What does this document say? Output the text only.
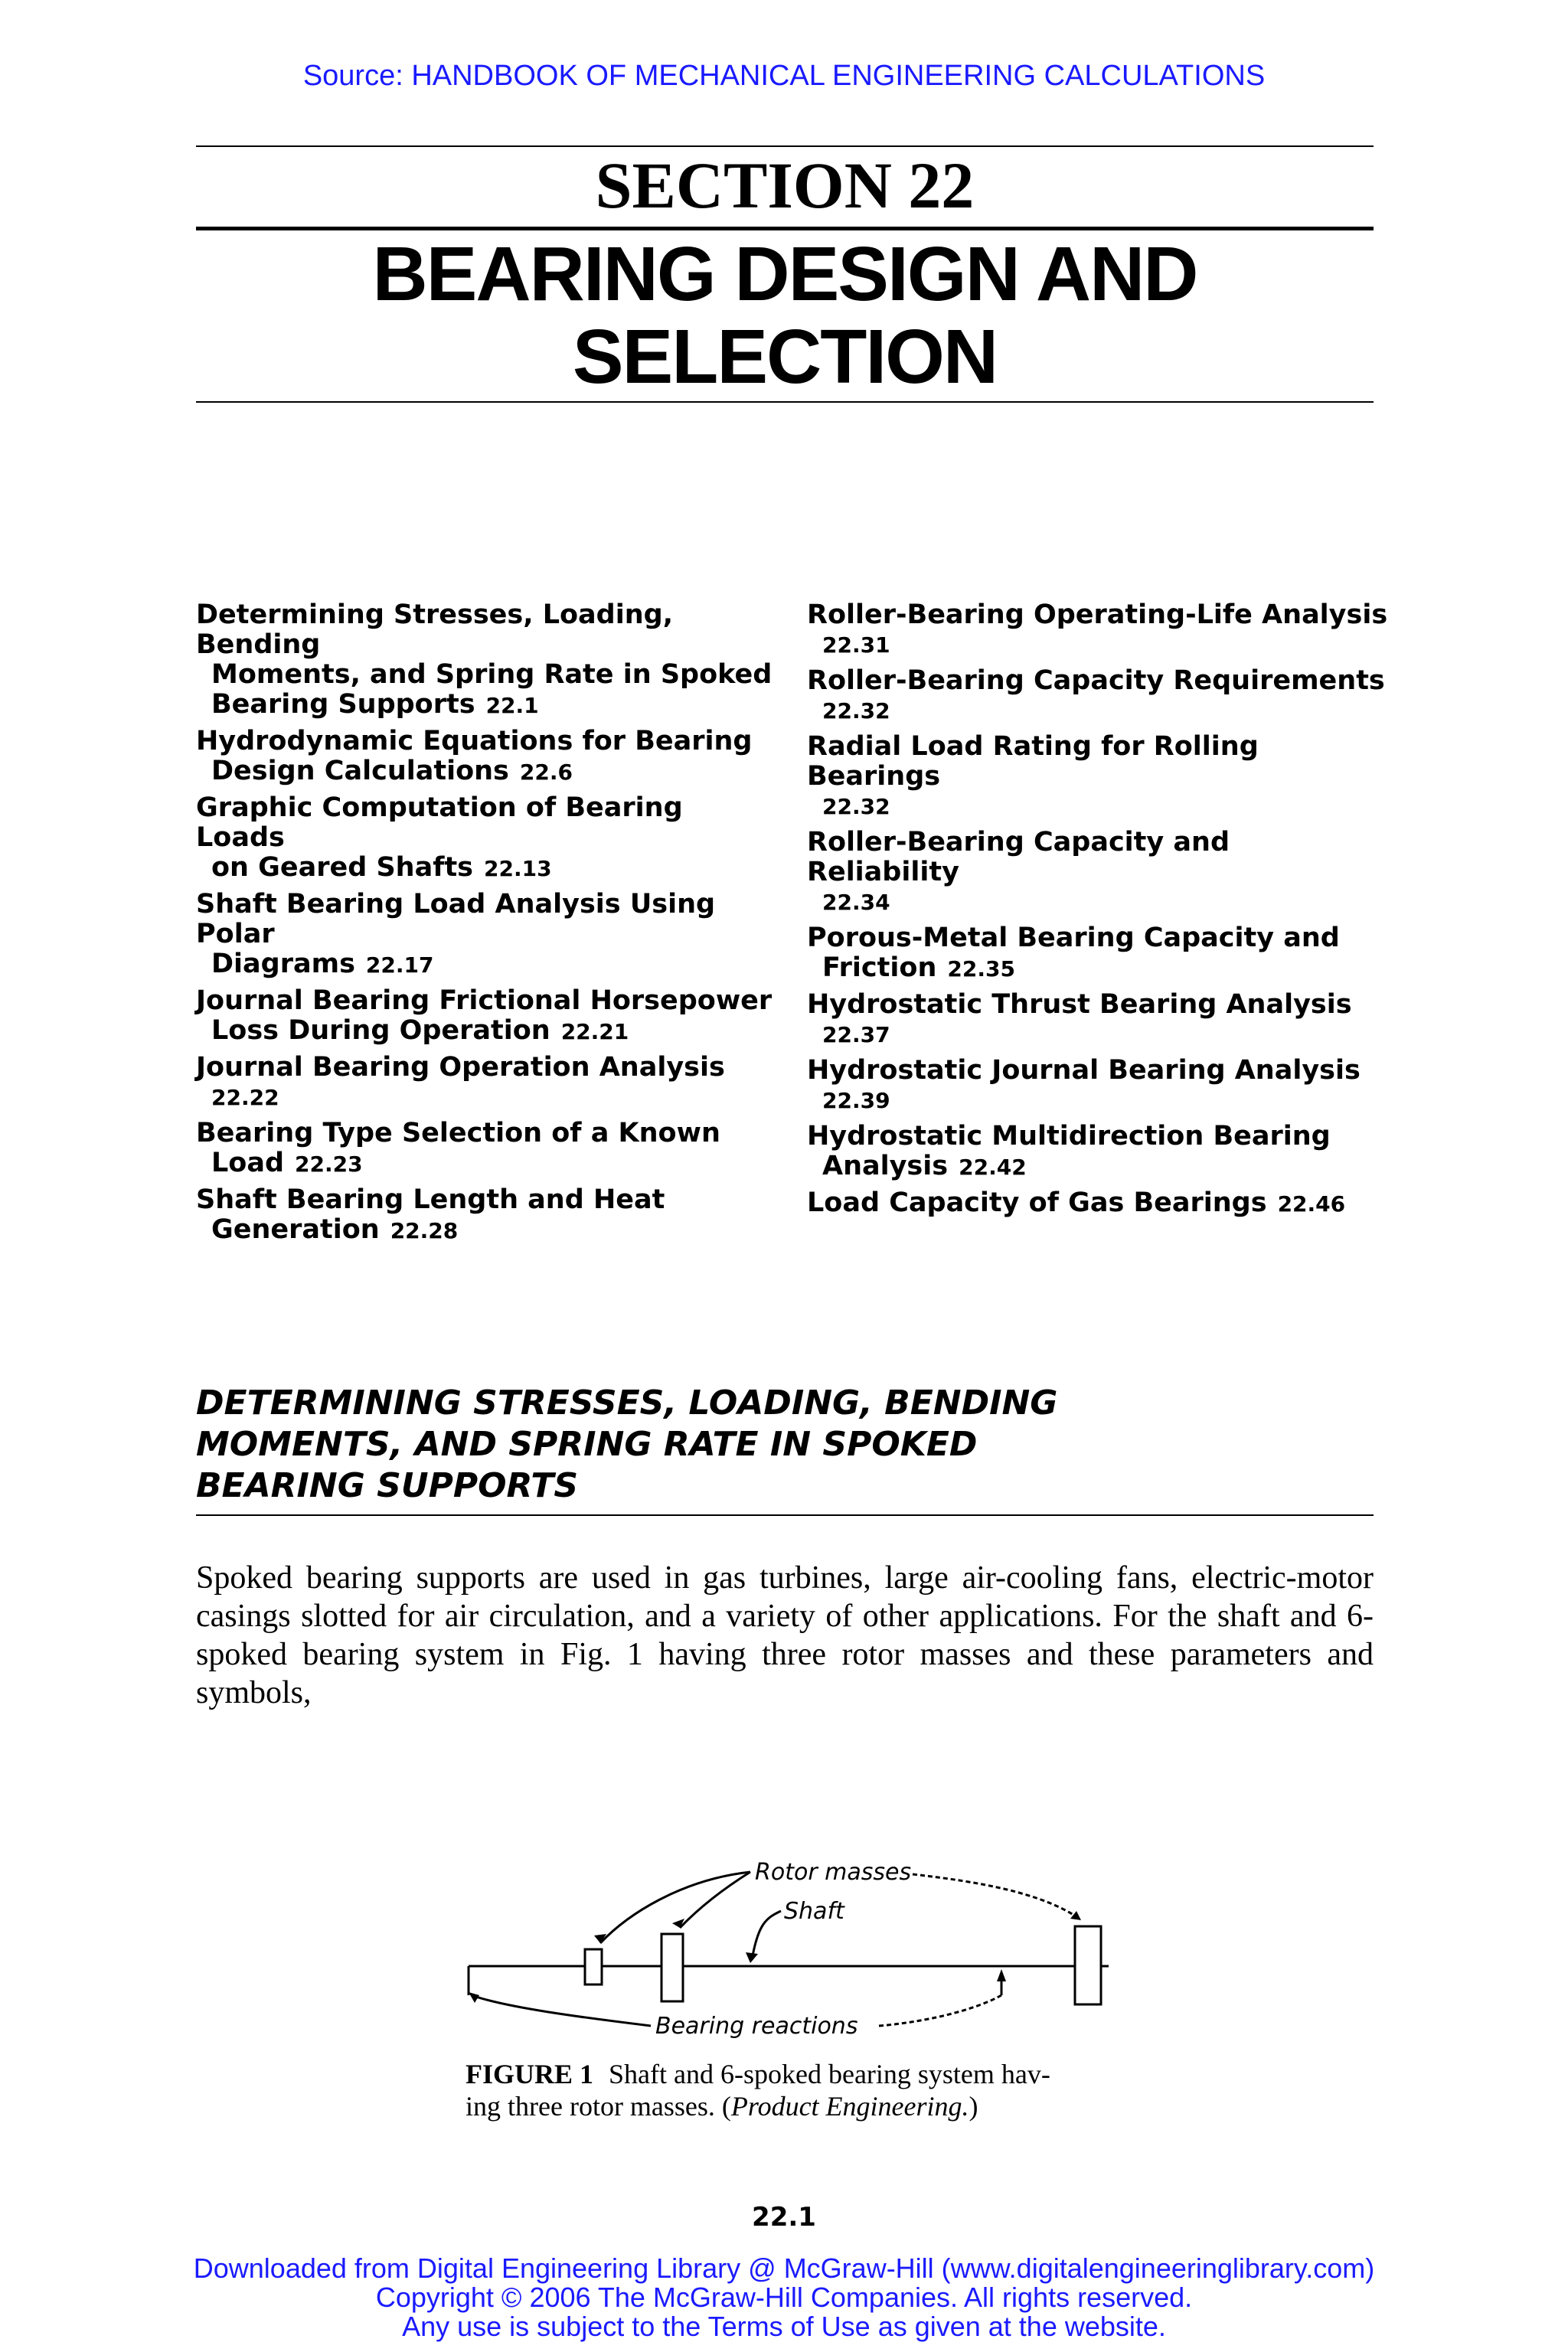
Source: HANDBOOK OF MECHANICAL ENGINEERING CALCULATIONS
SECTION 22
BEARING DESIGN AND
SELECTION
Determining Stresses, Loading, Bending
Moments, and Spring Rate in Spoked
Bearing Supports 22.1
Hydrodynamic Equations for Bearing
Design Calculations 22.6
Graphic Computation of Bearing Loads
on Geared Shafts 22.13
Shaft Bearing Load Analysis Using Polar
Diagrams 22.17
Journal Bearing Frictional Horsepower
Loss During Operation 22.21
Journal Bearing Operation Analysis
22.22
Bearing Type Selection of a Known
Load 22.23
Shaft Bearing Length and Heat
Generation 22.28
Roller-Bearing Operating-Life Analysis
22.31
Roller-Bearing Capacity Requirements
22.32
Radial Load Rating for Rolling Bearings
22.32
Roller-Bearing Capacity and Reliability
22.34
Porous-Metal Bearing Capacity and
Friction 22.35
Hydrostatic Thrust Bearing Analysis
22.37
Hydrostatic Journal Bearing Analysis
22.39
Hydrostatic Multidirection Bearing
Analysis 22.42
Load Capacity of Gas Bearings 22.46
DETERMINING STRESSES, LOADING, BENDING
MOMENTS, AND SPRING RATE IN SPOKED
BEARING SUPPORTS
Spoked bearing supports are used in gas turbines, large air-cooling fans, electric-motor casings slotted for air circulation, and a variety of other applications. For the shaft and 6-spoked bearing system in Fig. 1 having three rotor masses and these parameters and symbols,
Rotor masses
Shaft
Bearing reactions
FIGURE 1 Shaft and 6-spoked bearing system hav-
ing three rotor masses. (Product Engineering.)
22.1
Downloaded from Digital Engineering Library @ McGraw-Hill (www.digitalengineeringlibrary.com)
Copyright © 2006 The McGraw-Hill Companies. All rights reserved.
Any use is subject to the Terms of Use as given at the website.
